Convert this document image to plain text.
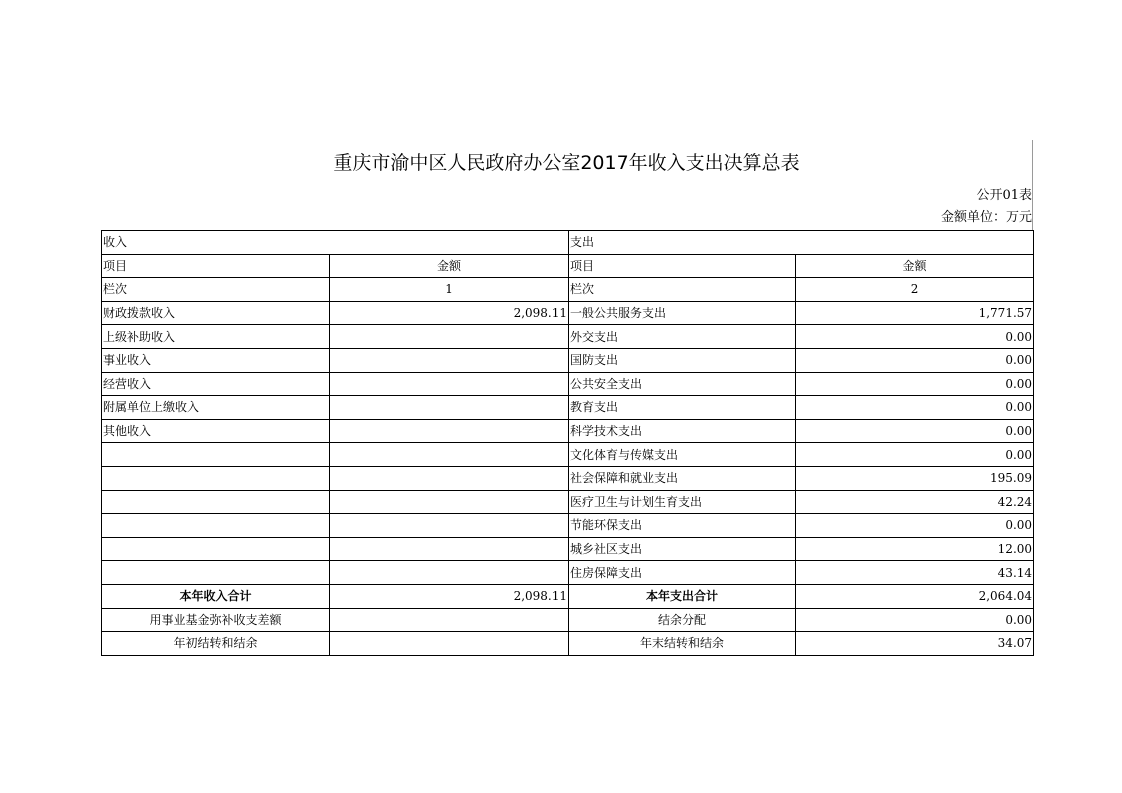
重庆市渝中区人民政府办公室2017年收入支出决算总表
公开01表
金额单位：万元
收入		支出	
项目	金额	项目	金额
栏次	1	栏次	2
财政拨款收入	2,098.11	一般公共服务支出	1,771.57
上级补助收入		外交支出	0.00
事业收入		国防支出	0.00
经营收入		公共安全支出	0.00
附属单位上缴收入		教育支出	0.00
其他收入		科学技术支出	0.00
		文化体育与传媒支出	0.00
		社会保障和就业支出	195.09
		医疗卫生与计划生育支出	42.24
		节能环保支出	0.00
		城乡社区支出	12.00
		住房保障支出	43.14
本年收入合计	2,098.11	本年支出合计	2,064.04
用事业基金弥补收支差额		结余分配	0.00
年初结转和结余		年末结转和结余	34.07
